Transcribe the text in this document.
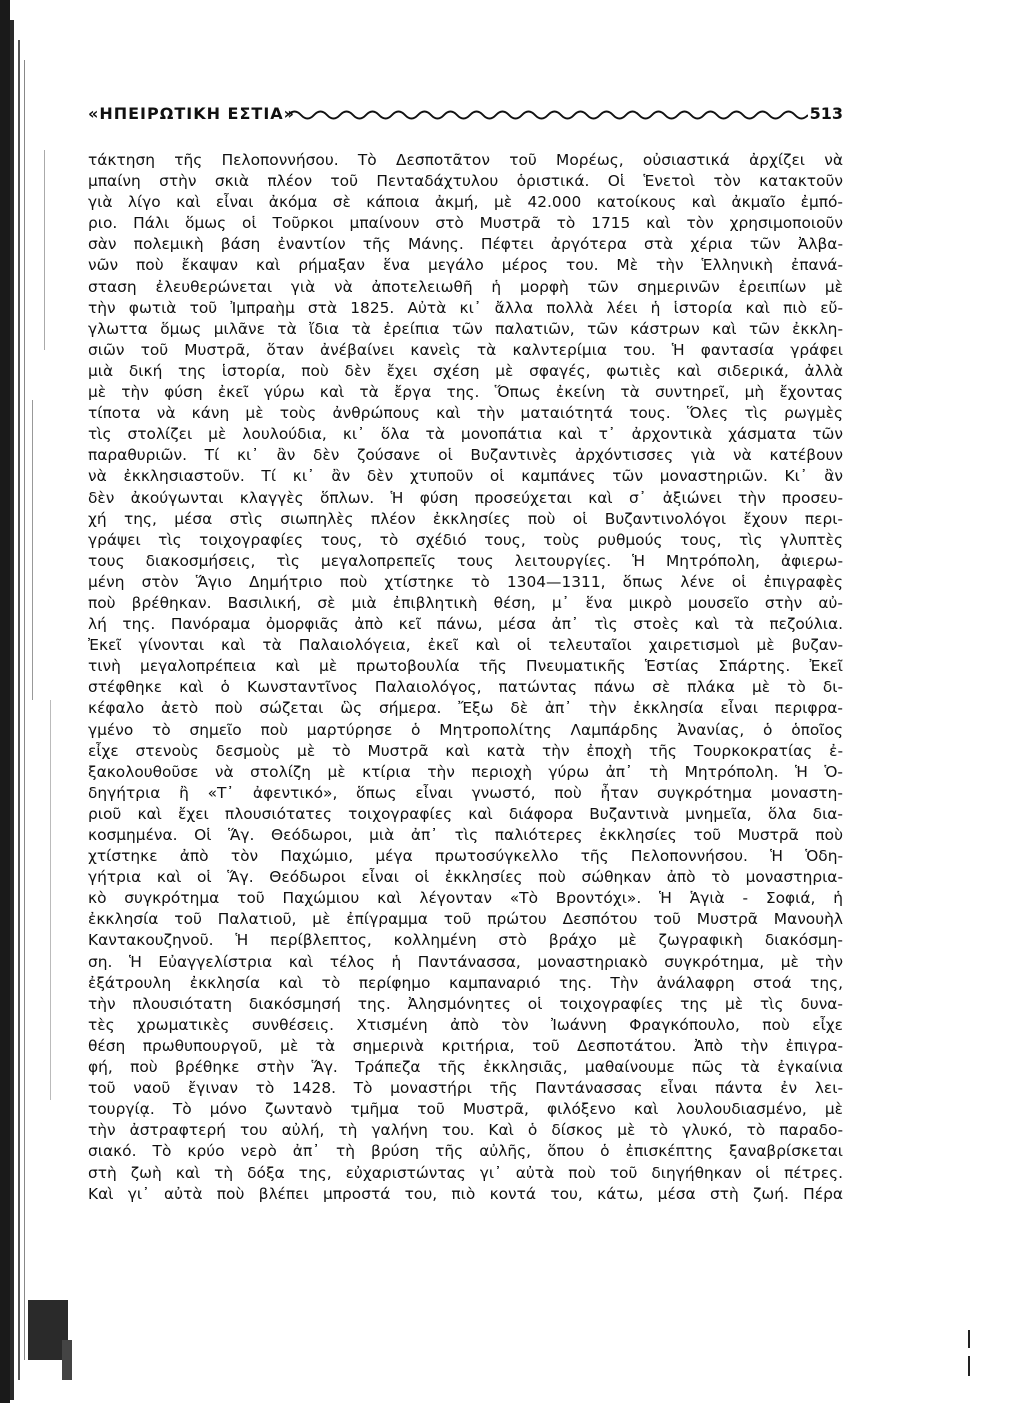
«ΗΠΕΙΡΩΤΙΚΗ ΕΣΤΙΑ»	513
τάκτηση τῆς Πελοποννήσου. Τὸ Δεσποτᾶτον τοῦ Μορέως, οὐσιαστικά ἀρχίζει νὰ
μπαίνη στὴν σκιὰ πλέον τοῦ Πενταδάχτυλου ὁριστικά. Οἱ Ἑνετοὶ τὸν κατακτοῦν
γιὰ λίγο καὶ εἶναι ἀκόμα σὲ κάποια ἀκμή, μὲ 42.000 κατοίκους καὶ ἀκμαῖο ἐμπό-
ριο. Πάλι ὅμως οἱ Τοῦρκοι μπαίνουν στὸ Μυστρᾶ τὸ 1715 καὶ τὸν χρησιμοποιοῦν
σὰν πολεμικὴ βάση ἐναντίον τῆς Μάνης. Πέφτει ἀργότερα στὰ χέρια τῶν Ἀλβα-
νῶν ποὺ ἔκαψαν καὶ ρήμαξαν ἕνα μεγάλο μέρος του. Μὲ τὴν Ἑλληνικὴ ἐπανά-
σταση ἐλευθερώνεται γιὰ νὰ ἀποτελειωθῆ ἡ μορφὴ τῶν σημερινῶν ἐρειπίων μὲ
τὴν φωτιὰ τοῦ Ἰμπραὴμ στὰ 1825. Αὐτὰ κι᾽ ἄλλα πολλὰ λέει ἡ ἱστορία καὶ πιὸ εὔ-
γλωττα ὅμως μιλᾶνε τὰ ἴδια τὰ ἐρείπια τῶν παλατιῶν, τῶν κάστρων καὶ τῶν ἐκκλη-
σιῶν τοῦ Μυστρᾶ, ὅταν ἀνέβαίνει κανεὶς τὰ καλντερίμια του. Ἡ φαντασία γράφει
μιὰ δική της ἱστορία, ποὺ δὲν ἔχει σχέση μὲ σφαγές, φωτιὲς καὶ σιδερικά, ἀλλὰ
μὲ τὴν φύση ἐκεῖ γύρω καὶ τὰ ἔργα της. Ὅπως ἐκείνη τὰ συντηρεῖ, μὴ ἔχοντας
τίποτα νὰ κάνη μὲ τοὺς ἀνθρώπους καὶ τὴν ματαιότητά τους. Ὅλες τὶς ρωγμὲς
τὶς στολίζει μὲ λουλούδια, κι᾽ ὅλα τὰ μονοπάτια καὶ τ᾽ ἀρχοντικὰ χάσματα τῶν
παραθυριῶν. Τί κι᾽ ἂν δὲν ζούσανε οἱ Βυζαντινὲς ἀρχόντισσες γιὰ νὰ κατέβουν
νὰ ἐκκλησιαστοῦν. Τί κι᾽ ἂν δὲν χτυποῦν οἱ καμπάνες τῶν μοναστηριῶν. Κι᾽ ἂν
δὲν ἀκούγωνται κλαγγὲς ὅπλων. Ἡ φύση προσεύχεται καὶ σ᾽ ἀξιώνει τὴν προσευ-
χή της, μέσα στὶς σιωπηλὲς πλέον ἐκκλησίες ποὺ οἱ Βυζαντινολόγοι ἔχουν περι-
γράψει τὶς τοιχογραφίες τους, τὸ σχέδιό τους, τοὺς ρυθμούς τους, τὶς γλυπτὲς
τους διακοσμήσεις, τὶς μεγαλοπρεπεῖς τους λειτουργίες. Ἡ Μητρόπολη, ἀφιερω-
μένη στὸν Ἅγιο Δημήτριο ποὺ χτίστηκε τὸ 1304—1311, ὅπως λένε οἱ ἐπιγραφὲς
ποὺ βρέθηκαν. Βασιλική, σὲ μιὰ ἐπιβλητικὴ θέση, μ᾽ ἕνα μικρὸ μουσεῖο στὴν αὐ-
λή της. Πανόραμα ὀμορφιᾶς ἀπὸ κεῖ πάνω, μέσα ἀπ᾽ τὶς στοὲς καὶ τὰ πεζούλια.
Ἐκεῖ γίνονται καὶ τὰ Παλαιολόγεια, ἐκεῖ καὶ οἱ τελευταῖοι χαιρετισμοὶ μὲ βυζαν-
τινὴ μεγαλοπρέπεια καὶ μὲ πρωτοβουλία τῆς Πνευματικῆς Ἑστίας Σπάρτης. Ἐκεῖ
στέφθηκε καὶ ὁ Κωνσταντῖνος Παλαιολόγος, πατώντας πάνω σὲ πλάκα μὲ τὸ δι-
κέφαλο ἀετὸ ποὺ σώζεται ὣς σήμερα. Ἔξω δὲ ἀπ᾽ τὴν ἐκκλησία εἶναι περιφρα-
γμένο τὸ σημεῖο ποὺ μαρτύρησε ὁ Μητροπολίτης Λαμπάρδης Ἀνανίας, ὁ ὁποῖος
εἶχε στενοὺς δεσμοὺς μὲ τὸ Μυστρᾶ καὶ κατὰ τὴν ἐποχὴ τῆς Τουρκοκρατίας ἐ-
ξακολουθοῦσε νὰ στολίζη μὲ κτίρια τὴν περιοχὴ γύρω ἀπ᾽ τὴ Μητρόπολη. Ἡ Ὁ-
δηγήτρια ἢ «Τ᾽ ἀφεντικό», ὅπως εἶναι γνωστό, ποὺ ἦταν συγκρότημα μοναστη-
ριοῦ καὶ ἔχει πλουσιότατες τοιχογραφίες καὶ διάφορα Βυζαντινὰ μνημεῖα, ὅλα δια-
κοσμημένα. Οἱ Ἅγ. Θεόδωροι, μιὰ ἀπ᾽ τὶς παλιότερες ἐκκλησίες τοῦ Μυστρᾶ ποὺ
χτίστηκε ἀπὸ τὸν Παχώμιο, μέγα πρωτοσύγκελλο τῆς Πελοποννήσου. Ἡ Ὁδη-
γήτρια καὶ οἱ Ἅγ. Θεόδωροι εἶναι οἱ ἐκκλησίες ποὺ σώθηκαν ἀπὸ τὸ μοναστηρια-
κὸ συγκρότημα τοῦ Παχώμιου καὶ λέγονταν «Τὸ Βροντόχι». Ἡ Ἁγιὰ - Σοφιά, ἡ
ἐκκλησία τοῦ Παλατιοῦ, μὲ ἐπίγραμμα τοῦ πρώτου Δεσπότου τοῦ Μυστρᾶ Μανουὴλ
Καντακουζηνοῦ. Ἡ περίβλεπτος, κολλημένη στὸ βράχο μὲ ζωγραφικὴ διακόσμη-
ση. Ἡ Εὐαγγελίστρια καὶ τέλος ἡ Παντάνασσα, μοναστηριακὸ συγκρότημα, μὲ τὴν
ἐξάτρουλη ἐκκλησία καὶ τὸ περίφημο καμπαναριό της. Τὴν ἀνάλαφρη στοά της,
τὴν πλουσιότατη διακόσμησή της. Ἀλησμόνητες οἱ τοιχογραφίες της μὲ τὶς δυνα-
τὲς χρωματικὲς συνθέσεις. Χτισμένη ἀπὸ τὸν Ἰωάννη Φραγκόπουλο, ποὺ εἶχε
θέση πρωθυπουργοῦ, μὲ τὰ σημερινὰ κριτήρια, τοῦ Δεσποτάτου. Ἀπὸ τὴν ἐπιγρα-
φή, ποὺ βρέθηκε στὴν Ἅγ. Τράπεζα τῆς ἐκκλησιᾶς, μαθαίνουμε πῶς τὰ ἐγκαίνια
τοῦ ναοῦ ἔγιναν τὸ 1428. Τὸ μοναστήρι τῆς Παντάνασσας εἶναι πάντα ἐν λει-
τουργίᾳ. Τὸ μόνο ζωντανὸ τμῆμα τοῦ Μυστρᾶ, φιλόξενο καὶ λουλουδιασμένο, μὲ
τὴν ἀστραφτερή του αὐλή, τὴ γαλήνη του. Καὶ ὁ δίσκος μὲ τὸ γλυκό, τὸ παραδο-
σιακό. Τὸ κρύο νερὸ ἀπ᾽ τὴ βρύση τῆς αὐλῆς, ὅπου ὁ ἐπισκέπτης ξαναβρίσκεται
στὴ ζωὴ καὶ τὴ δόξα της, εὐχαριστώντας γι᾽ αὐτὰ ποὺ τοῦ διηγήθηκαν οἱ πέτρες.
Καὶ γι᾽ αὐτὰ ποὺ βλέπει μπροστά του, πιὸ κοντά του, κάτω, μέσα στὴ ζωή. Πέρα
